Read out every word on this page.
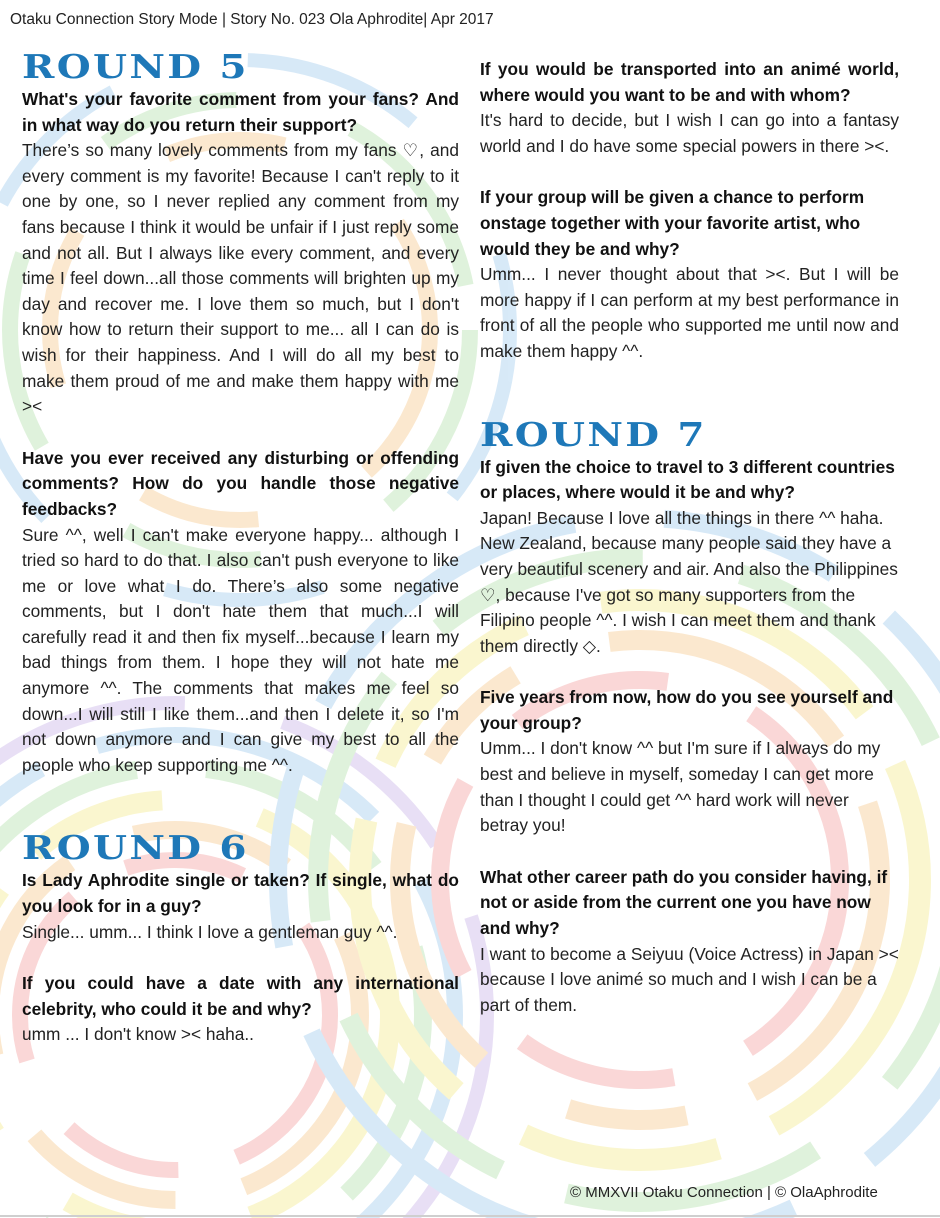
Otaku Connection Story Mode | Story No. 023 Ola Aphrodite| Apr 2017
ROUND 5

What's your favorite comment from your fans? And in what way do you return their support?

There’s so many lovely comments from my fans ♡, and every comment is my favorite! Because I can't reply to it one by one, so I never replied any comment from my fans because I think it would be unfair if I just reply some and not all. But I always like every comment, and every time I feel down...all those comments will brighten up my day and recover me. I love them so much, but I don't know how to return their support to me... all I can do is wish for their happiness. And I will do all my best to make them proud of me and make them happy with me ><

Have you ever received any disturbing or offending comments? How do you handle those negative feedbacks?

Sure ^^, well I can't make everyone happy... although I tried so hard to do that. I also can't push everyone to like me or love what I do. There’s also some negative comments, but I don't hate them that much...I will carefully read it and then fix myself...because I learn my bad things from them. I hope they will not hate me anymore ^^. The comments that makes me feel so down...I will still I like them...and then I delete it, so I'm not down anymore and I can give my best to all the people who keep supporting me ^^.

ROUND 6

Is Lady Aphrodite single or taken? If single, what do you look for in a guy?

Single... umm... I think I love a gentleman guy ^^.

If you could have a date with any international celebrity, who could it be and why?

umm ... I don't know >< haha..

If you would be transported into an animé world, where would you want to be and with whom?

It's hard to decide, but I wish I can go into a fantasy world and I do have some special powers in there ><.

If your group will be given a chance to perform onstage together with your favorite artist, who would they be and why?

Umm... I never thought about that ><. But I will be more happy if I can perform at my best performance in front of all the people who supported me until now and make them happy ^^.

ROUND 7

If given the choice to travel to 3 different countries or places, where would it be and why?

Japan! Because I love all the things in there ^^ haha. New Zealand, because many people said they have a very beautiful scenery and air. And also the Philippines ♡, because I've got so many supporters from the Filipino people ^^. I wish I can meet them and thank them directly ◇.

Five years from now, how do you see yourself and your group?

Umm... I don't know ^^ but I'm sure if I always do my best and believe in myself, someday I can get more than I thought I could get ^^ hard work will never betray you!

What other career path do you consider having, if not or aside from the current one you have now and why?

I want to become a Seiyuu (Voice Actress) in Japan >< because I love animé so much and I wish I can be a part of them.

© MMXVII Otaku Connection | © OlaAphrodite
